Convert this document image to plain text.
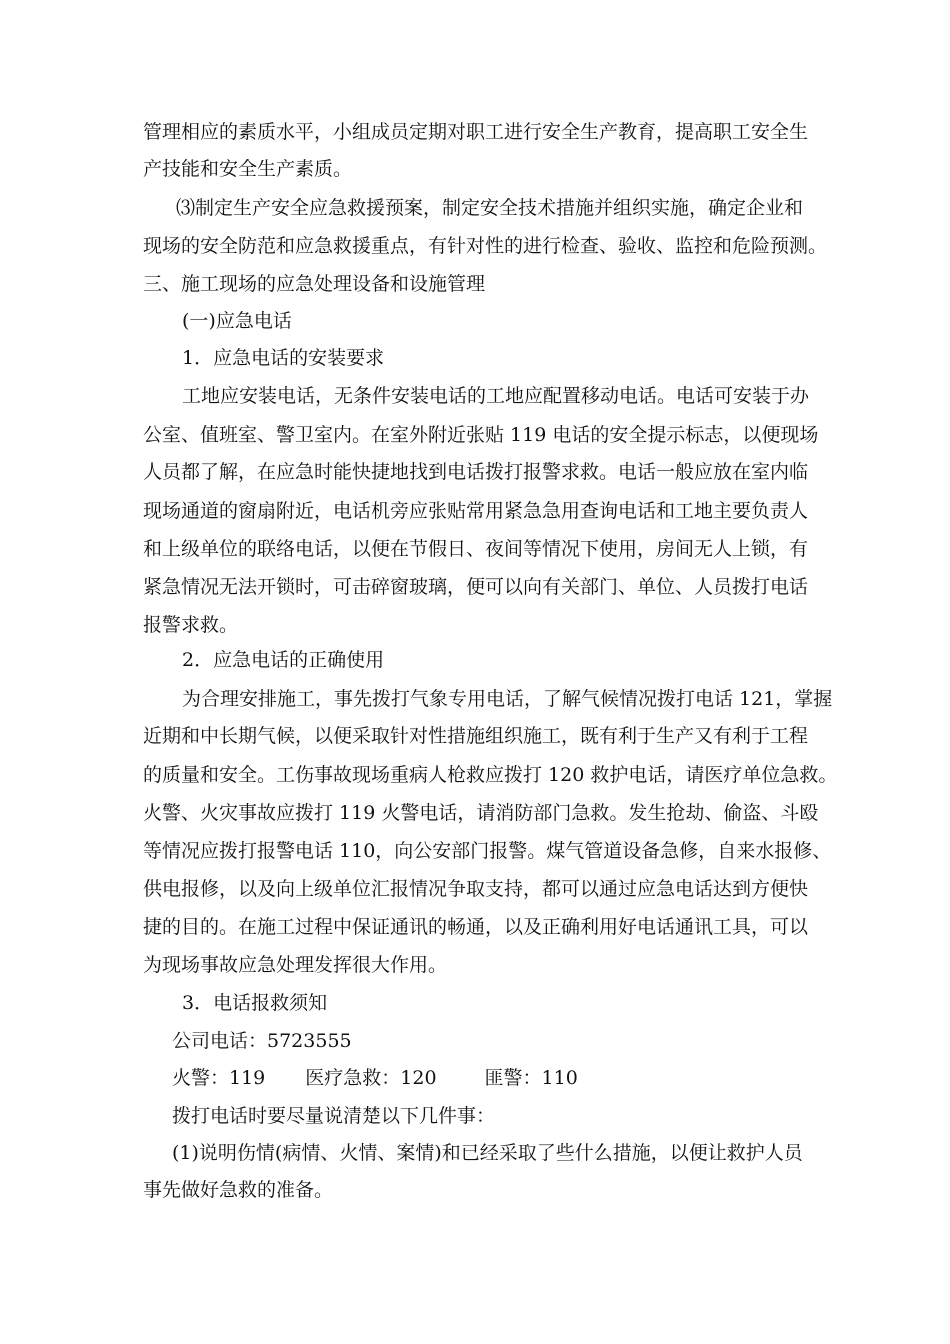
管理相应的素质水平，小组成员定期对职工进行安全生产教育，提高职工安全生
产技能和安全生产素质。
⑶制定生产安全应急救援预案，制定安全技术措施并组织实施，确定企业和
现场的安全防范和应急救援重点，有针对性的进行检查、验收、监控和危险预测。
三、施工现场的应急处理设备和设施管理
(一)应急电话
1．应急电话的安装要求
工地应安装电话，无条件安装电话的工地应配置移动电话。电话可安装于办
公室、值班室、警卫室内。在室外附近张贴 119 电话的安全提示标志，以便现场
人员都了解，在应急时能快捷地找到电话拨打报警求救。电话一般应放在室内临
现场通道的窗扇附近，电话机旁应张贴常用紧急急用查询电话和工地主要负责人
和上级单位的联络电话，以便在节假日、夜间等情况下使用，房间无人上锁，有
紧急情况无法开锁时，可击碎窗玻璃，便可以向有关部门、单位、人员拨打电话
报警求救。
2．应急电话的正确使用
为合理安排施工，事先拨打气象专用电话，了解气候情况拨打电话 121，掌握
近期和中长期气候，以便采取针对性措施组织施工，既有利于生产又有利于工程
的质量和安全。工伤事故现场重病人枪救应拨打 120 救护电话，请医疗单位急救。
火警、火灾事故应拨打 119 火警电话，请消防部门急救。发生抢劫、偷盗、斗殴
等情况应拨打报警电话 110，向公安部门报警。煤气管道设备急修，自来水报修、
供电报修，以及向上级单位汇报情况争取支持，都可以通过应急电话达到方便快
捷的目的。在施工过程中保证通讯的畅通，以及正确利用好电话通讯工具，可以
为现场事故应急处理发挥很大作用。
3．电话报救须知
公司电话：5723555
火警：119 医疗急救：120	匪警：110
拨打电话时要尽量说清楚以下几件事：
(1)说明伤情(病情、火情、案情)和已经采取了些什么措施，以便让救护人员
事先做好急救的准备。
